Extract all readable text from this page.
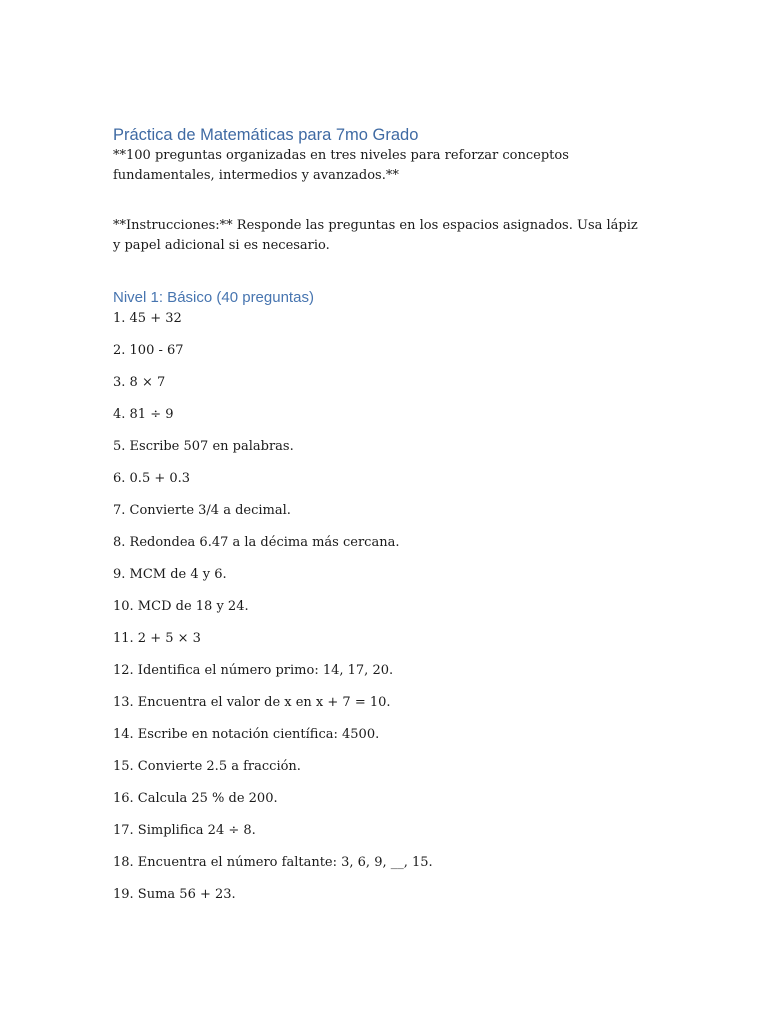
Práctica de Matemáticas para 7mo Grado

**100 preguntas organizadas en tres niveles para reforzar conceptos fundamentales, intermedios y avanzados.**

**Instrucciones:** Responde las preguntas en los espacios asignados. Usa lápiz y papel adicional si es necesario.

Nivel 1: Básico (40 preguntas)
1. 45 + 32
2. 100 - 67
3. 8 × 7
4. 81 ÷ 9
5. Escribe 507 en palabras.
6. 0.5 + 0.3
7. Convierte 3/4 a decimal.
8. Redondea 6.47 a la décima más cercana.
9. MCM de 4 y 6.
10. MCD de 18 y 24.
11. 2 + 5 × 3
12. Identifica el número primo: 14, 17, 20.
13. Encuentra el valor de x en x + 7 = 10.
14. Escribe en notación científica: 4500.
15. Convierte 2.5 a fracción.
16. Calcula 25 % de 200.
17. Simplifica 24 ÷ 8.
18. Encuentra el número faltante: 3, 6, 9, __, 15.
19. Suma 56 + 23.
